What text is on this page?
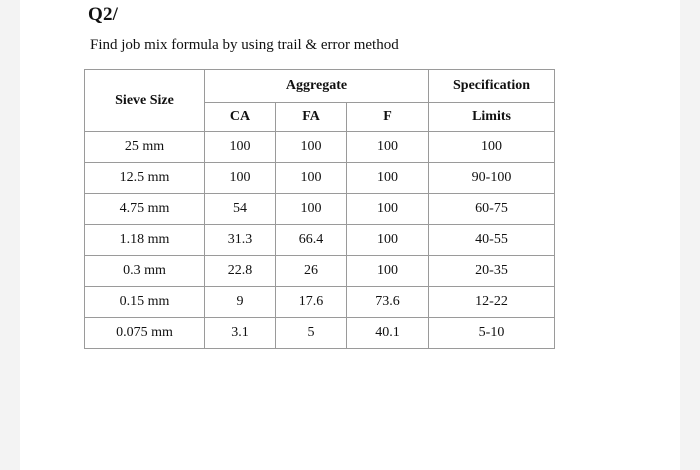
Q2/
Find job mix formula by using trail & error method
Sieve Size	Aggregate			Specification
	CA	FA	F	Limits
25 mm	100	100	100	100
12.5 mm	100	100	100	90-100
4.75 mm	54	100	100	60-75
1.18 mm	31.3	66.4	100	40-55
0.3 mm	22.8	26	100	20-35
0.15 mm	9	17.6	73.6	12-22
0.075 mm	3.1	5	40.1	5-10
